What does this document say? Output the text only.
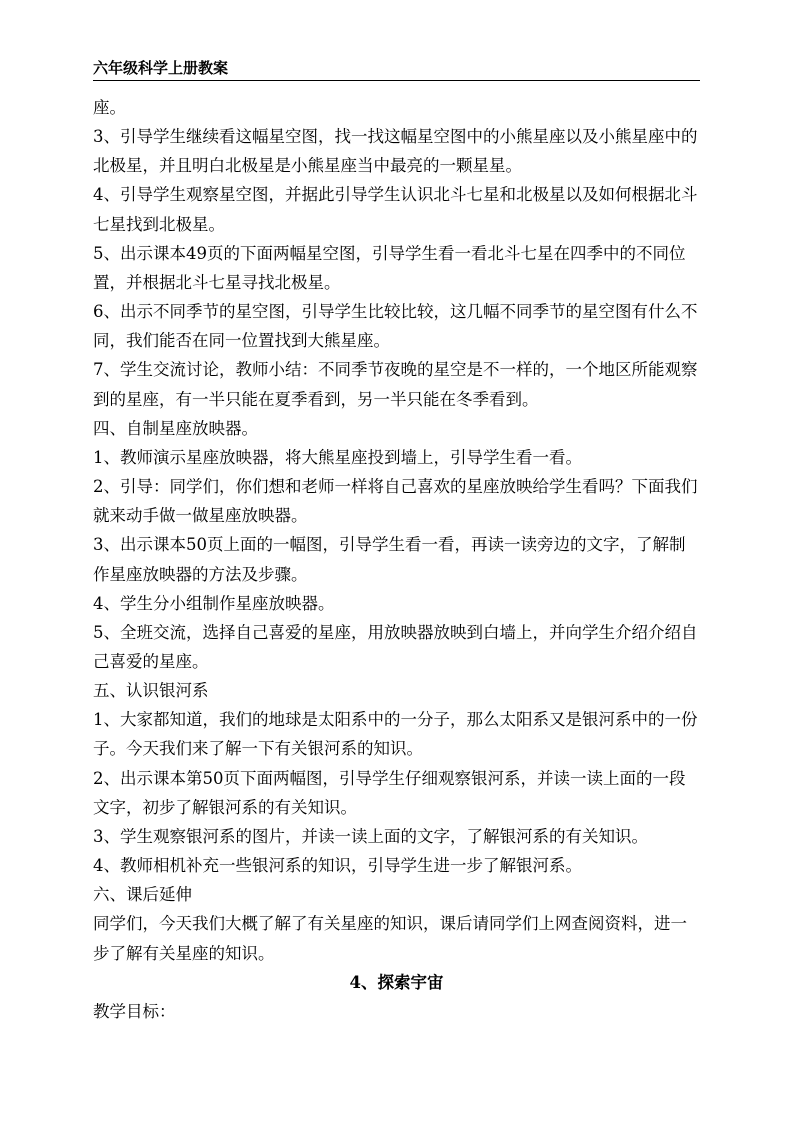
六年级科学上册教案

座。

3、引导学生继续看这幅星空图，找一找这幅星空图中的小熊星座以及小熊星座中的北极星，并且明白北极星是小熊星座当中最亮的一颗星星。

4、引导学生观察星空图，并据此引导学生认识北斗七星和北极星以及如何根据北斗七星找到北极星。

5、出示课本49页的下面两幅星空图，引导学生看一看北斗七星在四季中的不同位置，并根据北斗七星寻找北极星。

6、出示不同季节的星空图，引导学生比较比较，这几幅不同季节的星空图有什么不同，我们能否在同一位置找到大熊星座。

7、学生交流讨论，教师小结：不同季节夜晚的星空是不一样的，一个地区所能观察到的星座，有一半只能在夏季看到，另一半只能在冬季看到。

四、自制星座放映器。

1、教师演示星座放映器，将大熊星座投到墙上，引导学生看一看。

2、引导：同学们，你们想和老师一样将自己喜欢的星座放映给学生看吗？下面我们就来动手做一做星座放映器。

3、出示课本50页上面的一幅图，引导学生看一看，再读一读旁边的文字，了解制作星座放映器的方法及步骤。

4、学生分小组制作星座放映器。

5、全班交流，选择自己喜爱的星座，用放映器放映到白墙上，并向学生介绍介绍自己喜爱的星座。

五、认识银河系

1、大家都知道，我们的地球是太阳系中的一分子，那么太阳系又是银河系中的一份子。今天我们来了解一下有关银河系的知识。

2、出示课本第50页下面两幅图，引导学生仔细观察银河系，并读一读上面的一段文字，初步了解银河系的有关知识。

3、学生观察银河系的图片，并读一读上面的文字，了解银河系的有关知识。

4、教师相机补充一些银河系的知识，引导学生进一步了解银河系。

六、课后延伸

同学们，今天我们大概了解了有关星座的知识，课后请同学们上网查阅资料，进一步了解有关星座的知识。

4、探索宇宙

教学目标：
